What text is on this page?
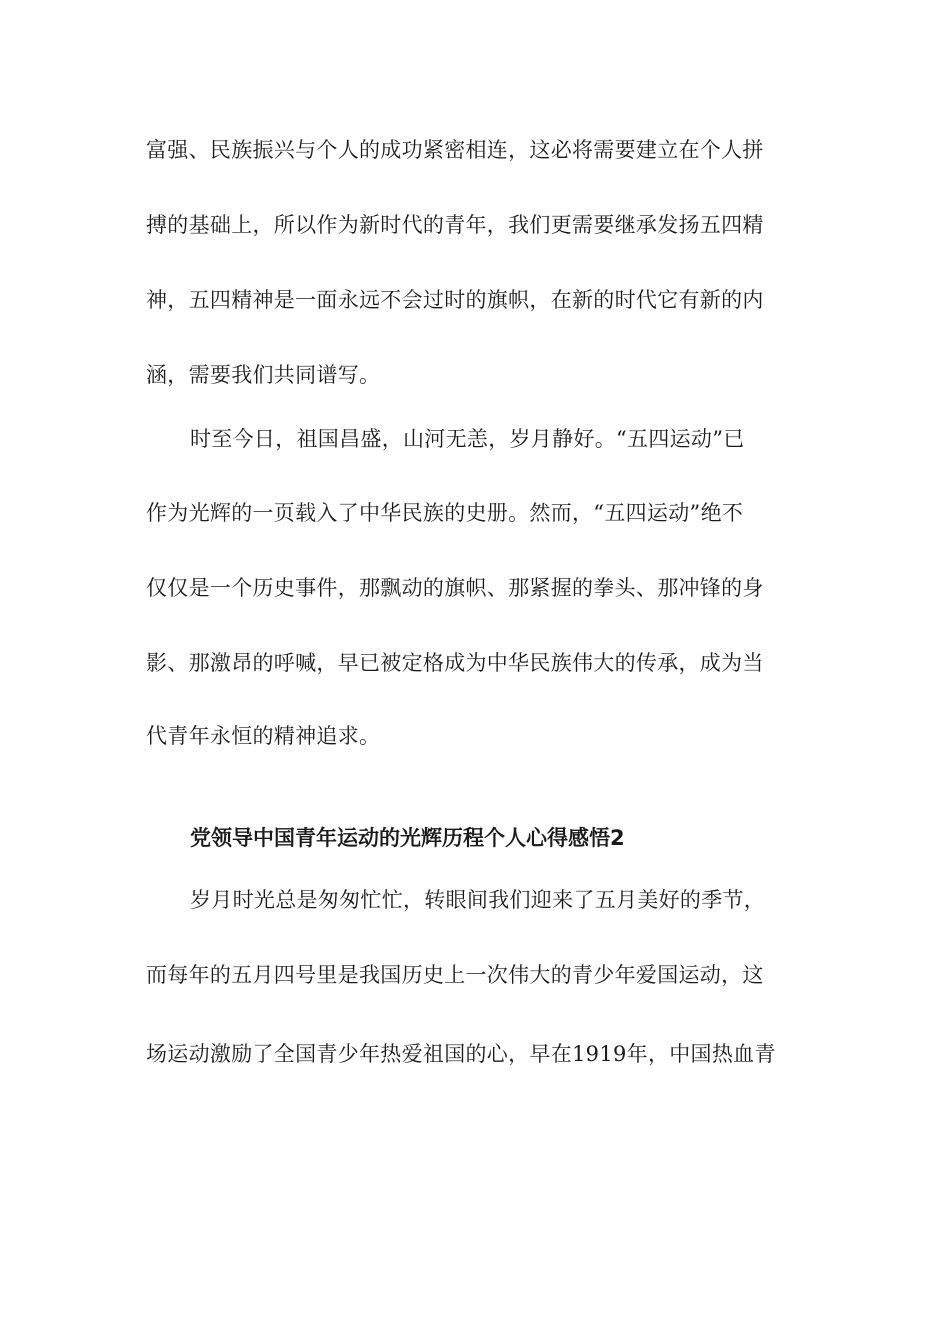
富强、民族振兴与个人的成功紧密相连，这必将需要建立在个人拼
搏的基础上，所以作为新时代的青年，我们更需要继承发扬五四精
神，五四精神是一面永远不会过时的旗帜，在新的时代它有新的内
涵，需要我们共同谱写。
时至今日，祖国昌盛，山河无恙，岁月静好。“五四运动”已
作为光辉的一页载入了中华民族的史册。然而，“五四运动”绝不
仅仅是一个历史事件，那飘动的旗帜、那紧握的拳头、那冲锋的身
影、那激昂的呼喊，早已被定格成为中华民族伟大的传承，成为当
代青年永恒的精神追求。
党领导中国青年运动的光辉历程个人心得感悟2
岁月时光总是匆匆忙忙，转眼间我们迎来了五月美好的季节，
而每年的五月四号里是我国历史上一次伟大的青少年爱国运动，这
场运动激励了全国青少年热爱祖国的心，早在1919年，中国热血青
